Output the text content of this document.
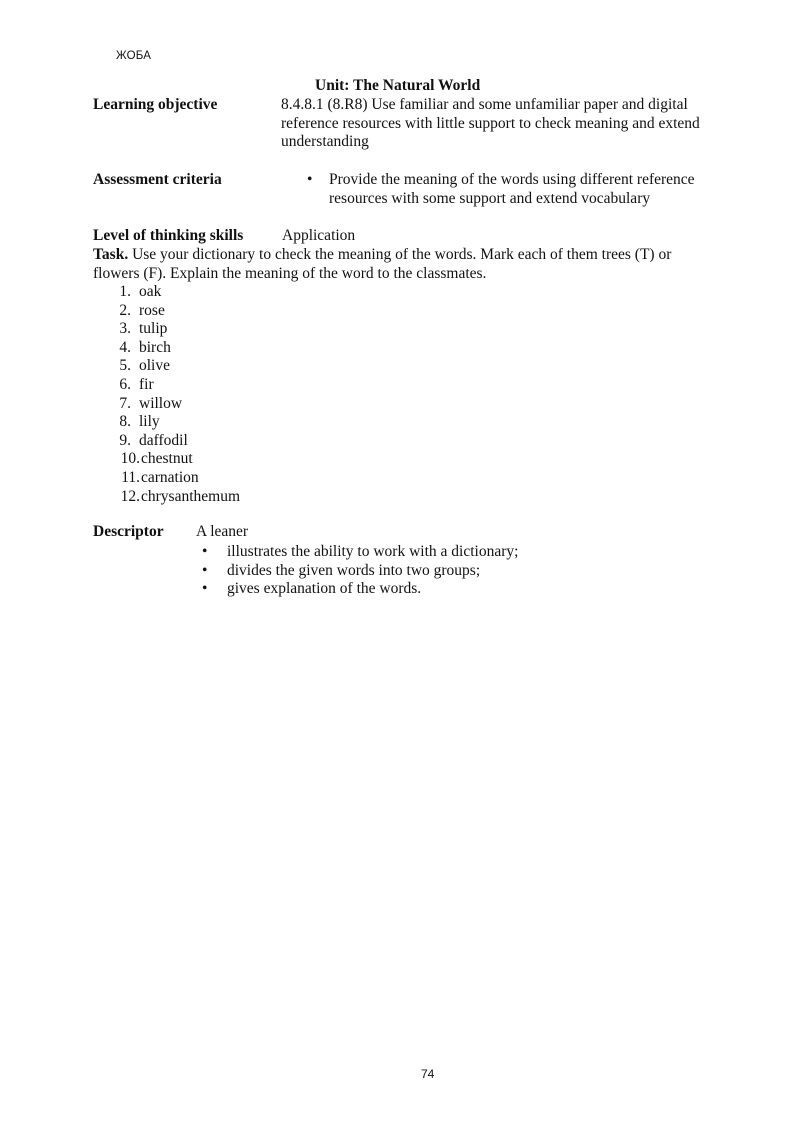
ЖОБА
Unit: The Natural World
Learning objective	8.4.8.1 (8.R8) Use familiar and some unfamiliar paper and digital reference resources with little support to check meaning and extend understanding
Assessment criteria
•	Provide the meaning of the words using different reference resources with some support and extend vocabulary
Level of thinking skills Application
Task. Use your dictionary to check the meaning of the words. Mark each of them trees (T) or flowers (F). Explain the meaning of the word to the classmates.
1. oak
2. rose
3. tulip
4. birch
5. olive
6. fir
7. willow
8. lily
9. daffodil
10. chestnut
11. carnation
12. chrysanthemum
Descriptor A leaner
• illustrates the ability to work with a dictionary;
• divides the given words into two groups;
• gives explanation of the words.
74
